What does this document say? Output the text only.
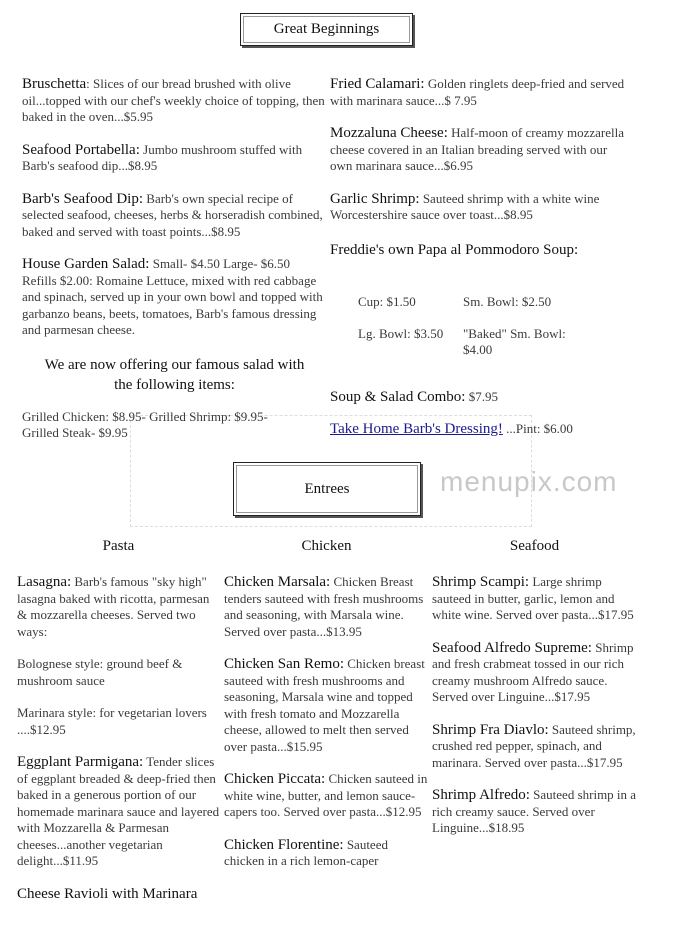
menupix.com
Great Beginnings

Bruschetta: Slices of our bread brushed with olive oil...topped with our chef's weekly choice of topping, then baked in the oven...$5.95

Seafood Portabella: Jumbo mushroom stuffed with Barb's seafood dip...$8.95

Barb's Seafood Dip: Barb's own special recipe of selected seafood, cheeses, herbs & horseradish combined, baked and served with toast points...$8.95

House Garden Salad: Small- $4.50 Large- $6.50 Refills $2.00: Romaine Lettuce, mixed with red cabbage and spinach, served up in your own bowl and topped with garbanzo beans, beets, tomatoes, Barb's famous dressing and parmesan cheese.

We are now offering our famous salad with the following items:
Grilled Chicken: $8.95- Grilled Shrimp: $9.95- Grilled Steak- $9.95

Fried Calamari: Golden ringlets deep-fried and served with marinara sauce...$ 7.95

Mozzaluna Cheese: Half-moon of creamy mozzarella cheese covered in an Italian breading served with our own marinara sauce...$6.95

Garlic Shrimp: Sauteed shrimp with a white wine Worcestershire sauce over toast...$8.95

Freddie's own Papa al Pommodoro Soup:
Cup: $1.50	Sm. Bowl: $2.50
Lg. Bowl: $3.50	"Baked" Sm. Bowl: $4.00
Soup & Salad Combo: $7.95
Take Home Barb's Dressing! ...Pint: $6.00
Entrees
Pasta	Chicken	Seafood

Lasagna: Barb's famous "sky high" lasagna baked with ricotta, parmesan & mozzarella cheeses. Served two ways:

Bolognese style: ground beef & mushroom sauce

Marinara style: for vegetarian lovers ....$12.95

Eggplant Parmigana: Tender slices of eggplant breaded & deep-fried then baked in a generous portion of our homemade marinara sauce and layered with Mozzarella & Parmesan cheeses...another vegetarian delight...$11.95

Cheese Ravioli with Marinara

Chicken Marsala: Chicken Breast tenders sauteed with fresh mushrooms and seasoning, with Marsala wine. Served over pasta...$13.95

Chicken San Remo: Chicken breast sauteed with fresh mushrooms and seasoning, Marsala wine and topped with fresh tomato and Mozzarella cheese, allowed to melt then served over pasta...$15.95

Chicken Piccata: Chicken sauteed in white wine, butter, and lemon sauce-capers too. Served over pasta...$12.95

Chicken Florentine: Sauteed chicken in a rich lemon-caper

Shrimp Scampi: Large shrimp sauteed in butter, garlic, lemon and white wine. Served over pasta...$17.95

Seafood Alfredo Supreme: Shrimp and fresh crabmeat tossed in our rich creamy mushroom Alfredo sauce. Served over Linguine...$17.95

Shrimp Fra Diavlo: Sauteed shrimp, crushed red pepper, spinach, and marinara. Served over pasta...$17.95

Shrimp Alfredo: Sauteed shrimp in a rich creamy sauce. Served over Linguine...$18.95
